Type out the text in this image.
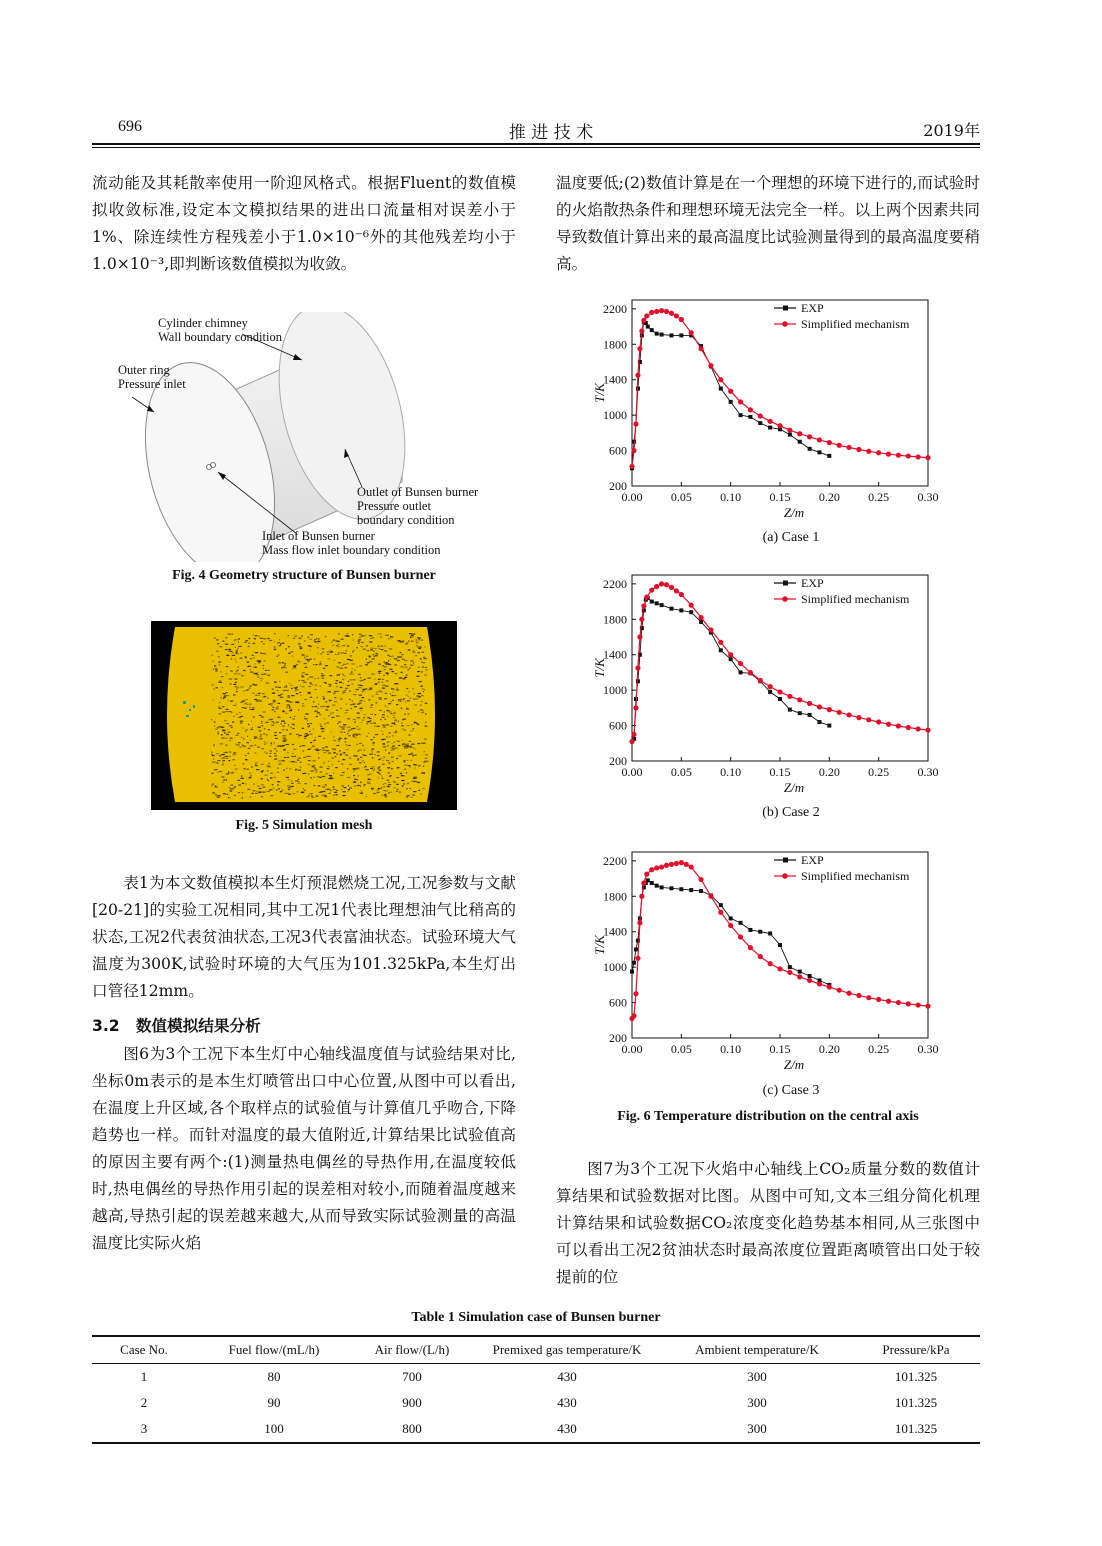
696	推 进 技 术	2019年

流动能及其耗散率使用一阶迎风格式。根据Fluent的数值模拟收敛标准,设定本文模拟结果的进出口流量相对误差小于1%、除连续性方程残差小于1.0×10⁻⁶外的其他残差均小于1.0×10⁻³,即判断该数值模拟为收敛。

Cylinder chimney
Wall boundary condition
Outer ring
Pressure inlet
Outlet of Bunsen burner
Pressure outlet
boundary condition
Inlet of Bunsen burner
Mass flow inlet boundary condition
Fig. 4 Geometry structure of Bunsen burner
Fig. 5 Simulation mesh

表1为本文数值模拟本生灯预混燃烧工况,工况参数与文献[20-21]的实验工况相同,其中工况1代表比理想油气比稍高的状态,工况2代表贫油状态,工况3代表富油状态。试验环境大气温度为300K,试验时环境的大气压为101.325kPa,本生灯出口管径12mm。

3.2 数值模拟结果分析

图6为3个工况下本生灯中心轴线温度值与试验结果对比,坐标0m表示的是本生灯喷管出口中心位置,从图中可以看出,在温度上升区域,各个取样点的试验值与计算值几乎吻合,下降趋势也一样。而针对温度的最大值附近,计算结果比试验值高的原因主要有两个:(1)测量热电偶丝的导热作用,在温度较低时,热电偶丝的导热作用引起的误差相对较小,而随着温度越来越高,导热引起的误差越来越大,从而导致实际试验测量的高温温度比实际火焰

温度要低;(2)数值计算是在一个理想的环境下进行的,而试验时的火焰散热条件和理想环境无法完全一样。以上两个因素共同导致数值计算出来的最高温度比试验测量得到的最高温度要稍高。

0.00 0.05 0.10 0.15 0.20 0.25 0.30
200
600
1000
1400
1800
2200
Z/m
T/K
EXP
Simplified mechanism
(a) Case 1
0.00 0.05 0.10 0.15 0.20 0.25 0.30
200
600
1000
1400
1800
2200
Z/m
T/K
EXP
Simplified mechanism
(b) Case 2
0.00 0.05 0.10 0.15 0.20 0.25 0.30
200
600
1000
1400
1800
2200
Z/m
T/K
EXP
Simplified mechanism
(c) Case 3
Fig. 6 Temperature distribution on the central axis

图7为3个工况下火焰中心轴线上CO₂质量分数的数值计算结果和试验数据对比图。从图中可知,文本三组分简化机理计算结果和试验数据CO₂浓度变化趋势基本相同,从三张图中可以看出工况2贫油状态时最高浓度位置距离喷管出口处于较提前的位

Table 1 Simulation case of Bunsen burner
Case No.	Fuel flow/(mL/h)	Air flow/(L/h)	Premixed gas temperature/K	Ambient temperature/K	Pressure/kPa
1	80	700	430	300	101.325
2	90	900	430	300	101.325
3	100	800	430	300	101.325
